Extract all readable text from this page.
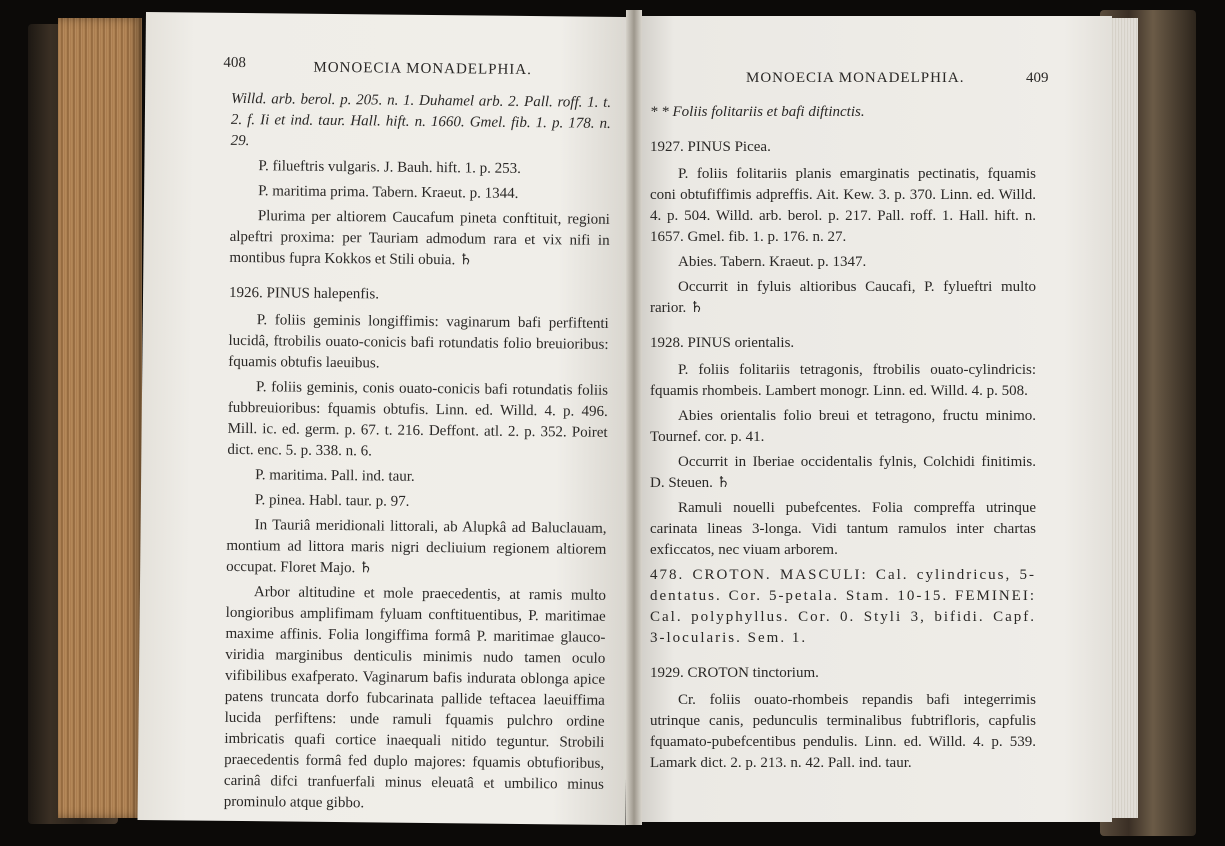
408	MONOECIA MONADELPHIA.

Willd. arb. berol. p. 205. n. 1. Duhamel arb. 2. Pall. roff. 1. t. 2. f. Ii et ind. taur. Hall. hift. n. 1660. Gmel. fib. 1. p. 178. n. 29.

P. filueftris vulgaris. J. Bauh. hift. 1. p. 253.

P. maritima prima. Tabern. Kraeut. p. 1344.

Plurima per altiorem Caucafum pineta conftituit, regioni alpeftri proxima: per Tauriam admodum rara et vix nifi in montibus fupra Kokkos et Stili obuia. ♄

1926. PINUS halepenfis.

P. foliis geminis longiffimis: vaginarum bafi perfiftenti lucidâ, ftrobilis ouato-conicis bafi rotundatis folio breuioribus: fquamis obtufis laeuibus.

P. foliis geminis, conis ouato-conicis bafi rotundatis foliis fubbreuioribus: fquamis obtufis. Linn. ed. Willd. 4. p. 496. Mill. ic. ed. germ. p. 67. t. 216. Deffont. atl. 2. p. 352. Poiret dict. enc. 5. p. 338. n. 6.

P. maritima. Pall. ind. taur.

P. pinea. Habl. taur. p. 97.

In Tauriâ meridionali littorali, ab Alupkâ ad Baluclauam, montium ad littora maris nigri decliuium regionem altiorem occupat. Floret Majo. ♄

Arbor altitudine et mole praecedentis, at ramis multo longioribus amplifimam fyluam conftituentibus, P. maritimae maxime affinis. Folia longiffima formâ P. maritimae glauco-viridia marginibus denticulis minimis nudo tamen oculo vifibilibus exafperato. Vaginarum bafis indurata oblonga apice patens truncata dorfo fubcarinata pallide teftacea laeuiffima lucida perfiftens: unde ramuli fquamis pulchro ordine imbricatis quafi cortice inaequali nitido teguntur. Strobili praecedentis formâ fed duplo majores: fquamis obtufioribus, carinâ difci tranfuerfali minus eleuatâ et umbilico minus prominulo atque gibbo.

MONOECIA MONADELPHIA.	409

* * Foliis folitariis et bafi diftinctis.

1927. PINUS Picea.

P. foliis folitariis planis emarginatis pectinatis, fquamis coni obtufiffimis adpreffis. Ait. Kew. 3. p. 370. Linn. ed. Willd. 4. p. 504. Willd. arb. berol. p. 217. Pall. roff. 1. Hall. hift. n. 1657. Gmel. fib. 1. p. 176. n. 27.

Abies. Tabern. Kraeut. p. 1347.

Occurrit in fyluis altioribus Caucafi, P. fylueftri multo rarior. ♄

1928. PINUS orientalis.

P. foliis folitariis tetragonis, ftrobilis ouato-cylindricis: fquamis rhombeis. Lambert monogr. Linn. ed. Willd. 4. p. 508.

Abies orientalis folio breui et tetragono, fructu minimo. Tournef. cor. p. 41.

Occurrit in Iberiae occidentalis fylnis, Colchidi finitimis. D. Steuen. ♄

Ramuli nouelli pubefcentes. Folia compreffa utrinque carinata lineas 3-longa. Vidi tantum ramulos inter chartas exficcatos, nec viuam arborem.

478. CROTON. MASCULI: Cal. cylindricus, 5-dentatus. Cor. 5-petala. Stam. 10-15. FEMINEI: Cal. polyphyllus. Cor. 0. Styli 3, bifidi. Capf. 3-locularis. Sem. 1.

1929. CROTON tinctorium.

Cr. foliis ouato-rhombeis repandis bafi integerrimis utrinque canis, pedunculis terminalibus fubtrifloris, capfulis fquamato-pubefcentibus pendulis. Linn. ed. Willd. 4. p. 539. Lamark dict. 2. p. 213. n. 42. Pall. ind. taur.
